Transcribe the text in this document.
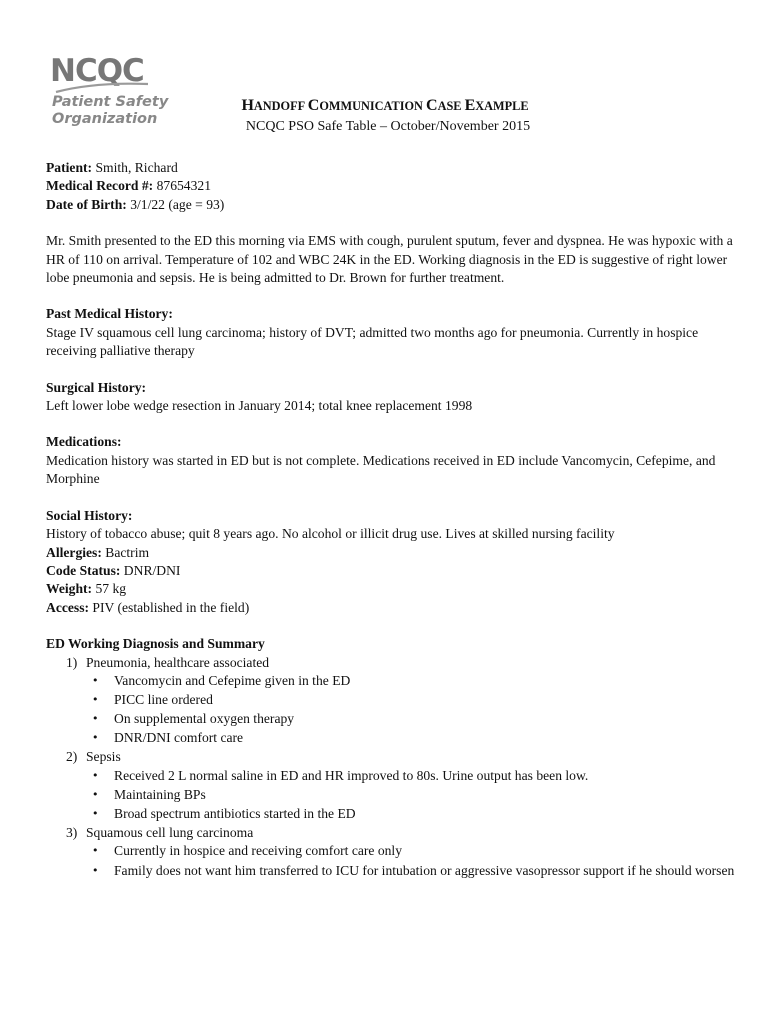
NCQC
Patient Safety
Organization
HANDOFF COMMUNICATION CASE EXAMPLE
NCQC PSO Safe Table – October/November 2015

Patient: Smith, Richard

Medical Record #: 87654321

Date of Birth: 3/1/22 (age = 93)

Mr. Smith presented to the ED this morning via EMS with cough, purulent sputum, fever and dyspnea. He was hypoxic with a HR of 110 on arrival. Temperature of 102 and WBC 24K in the ED. Working diagnosis in the ED is suggestive of right lower lobe pneumonia and sepsis. He is being admitted to Dr. Brown for further treatment.

Past Medical History:

Stage IV squamous cell lung carcinoma; history of DVT; admitted two months ago for pneumonia. Currently in hospice receiving palliative therapy

Surgical History:

Left lower lobe wedge resection in January 2014; total knee replacement 1998

Medications:

Medication history was started in ED but is not complete. Medications received in ED include Vancomycin, Cefepime, and Morphine

Social History:

History of tobacco abuse; quit 8 years ago. No alcohol or illicit drug use. Lives at skilled nursing facility

Allergies: Bactrim

Code Status: DNR/DNI

Weight: 57 kg

Access: PIV (established in the field)

ED Working Diagnosis and Summary

1) Pneumonia, healthcare associated
• Vancomycin and Cefepime given in the ED
• PICC line ordered
• On supplemental oxygen therapy
• DNR/DNI comfort care
2) Sepsis
• Received 2 L normal saline in ED and HR improved to 80s. Urine output has been low.
• Maintaining BPs
• Broad spectrum antibiotics started in the ED
3) Squamous cell lung carcinoma
• Currently in hospice and receiving comfort care only
• Family does not want him transferred to ICU for intubation or aggressive vasopressor support if he should worsen
